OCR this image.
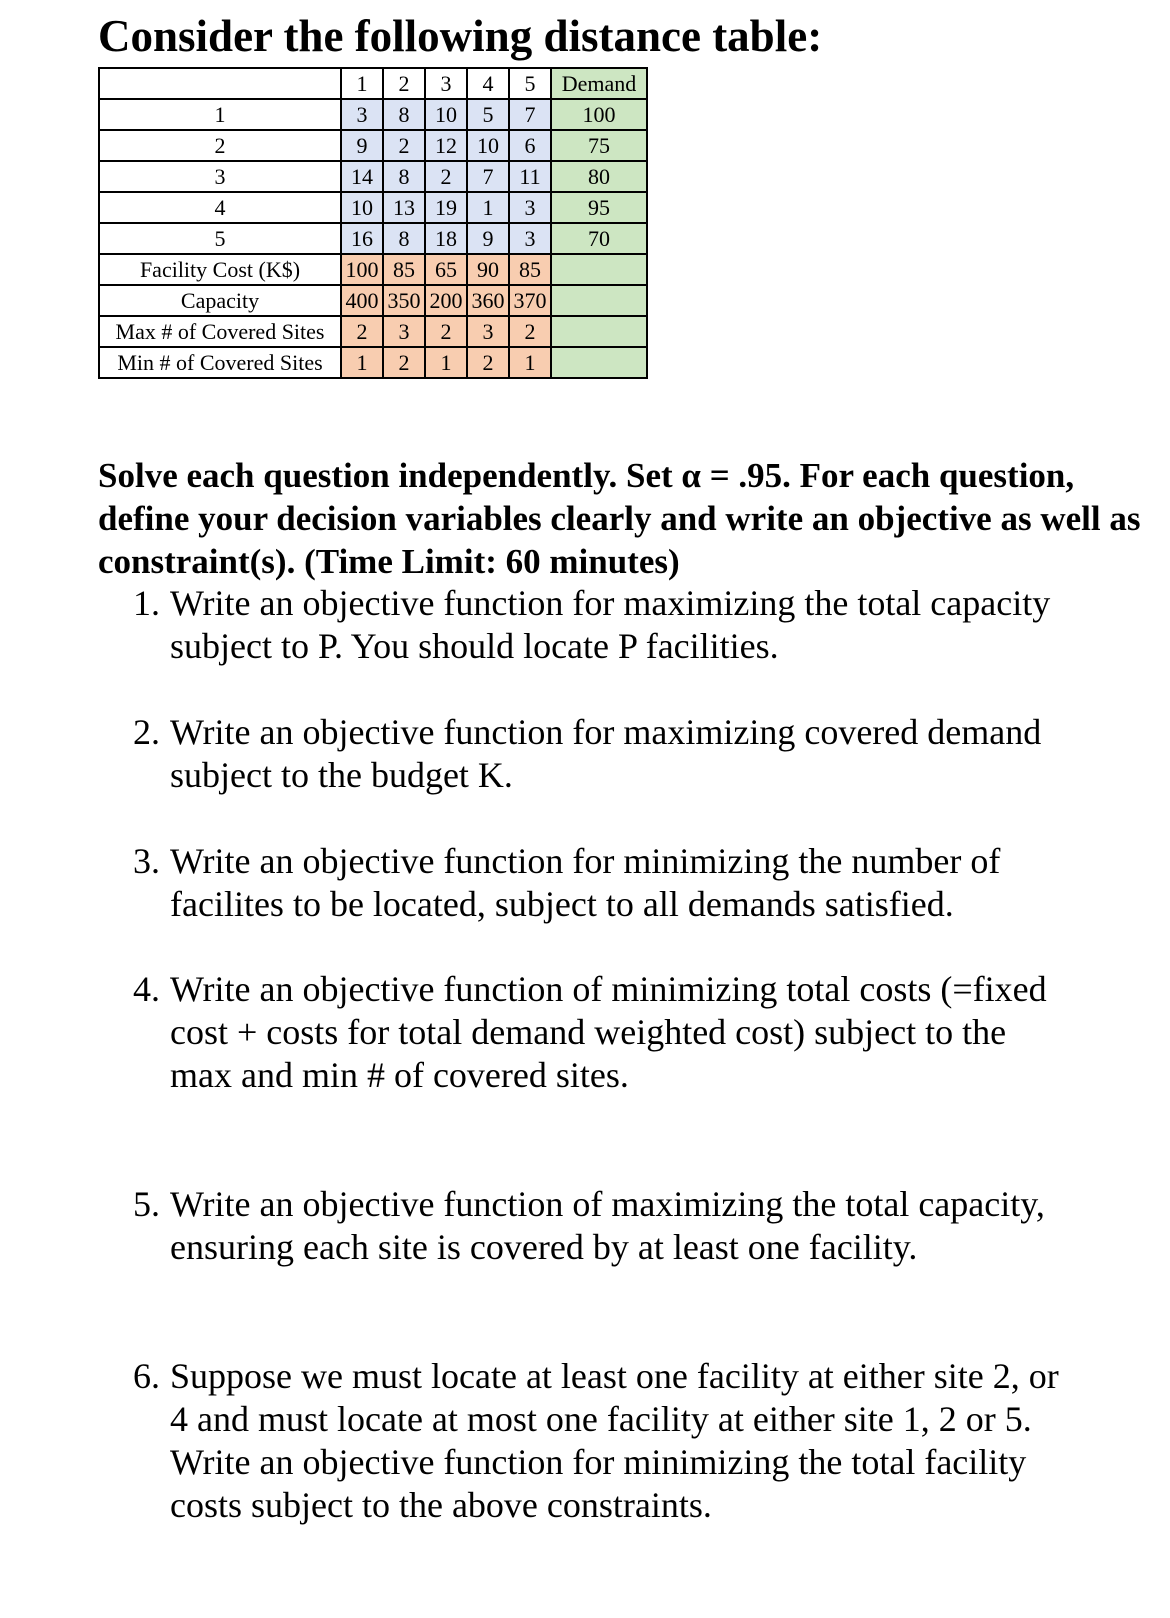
Consider the following distance table:
	1	2	3	4	5	Demand
1	3	8	10	5	7	100
2	9	2	12	10	6	75
3	14	8	2	7	11	80
4	10	13	19	1	3	95
5	16	8	18	9	3	70
Facility Cost (K$)	100	85	65	90	85	
Capacity	400	350	200	360	370	
Max # of Covered Sites	2	3	2	3	2	
Min # of Covered Sites	1	2	1	2	1	

Solve each question independently. Set α = .95. For each question, define your decision variables clearly and write an objective as well as constraint(s). (Time Limit: 60 minutes)

1. Write an objective function for maximizing the total capacity subject to P. You should locate P facilities.
2. Write an objective function for maximizing covered demand subject to the budget K.
3. Write an objective function for minimizing the number of facilites to be located, subject to all demands satisfied.
4. Write an objective function of minimizing total costs (=fixed cost + costs for total demand weighted cost) subject to the max and min # of covered sites.
5. Write an objective function of maximizing the total capacity, ensuring each site is covered by at least one facility.
6. Suppose we must locate at least one facility at either site 2, or 4 and must locate at most one facility at either site 1, 2 or 5. Write an objective function for minimizing the total facility costs subject to the above constraints.
